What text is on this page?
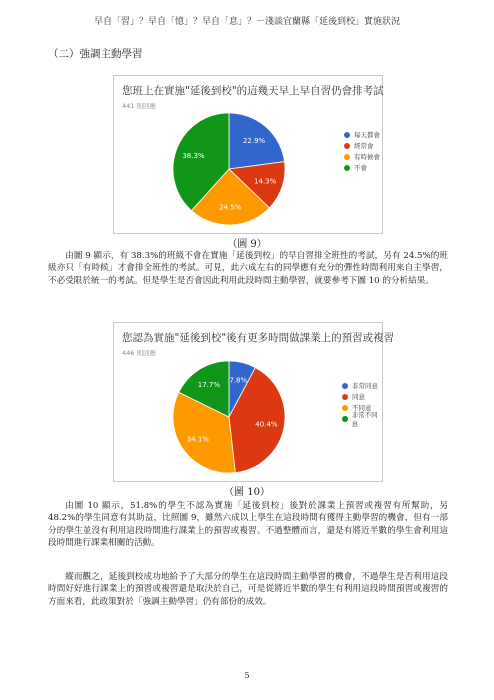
早自「習」？早自「憶」？早自「息」？－淺談宜蘭縣「延後到校」實施狀況
（二）強調主動學習
您班上在實施"延後到校"的這幾天早上早自習仍會排考試
441 則回應
22.9%
14.3%
24.5%
38.3%
每天都會
經常會
有時候會
不會
（圖 9）
由圖 9 顯示，有 38.3%的班級不會在實施「延後到校」的早自習排全班性的考試，另有 24.5%的班級亦只「有時候」才會排全班性的考試。可見，此六成左右的同學應有充分的彈性時間利用來自主學習，不必受限於統一的考試。但是學生是否會因此利用此段時間主動學習，就要參考下圖 10 的分析結果。
您認為實施"延後到校"後有更多時間做課業上的預習或複習
446 則回應
7.8%
40.4%
34.1%
17.7%	非常同意
同意
不同意
非常不同意
（圖 10）
由圖 10 顯示，51.8%的學生不認為實施「延後到校」後對於課業上預習或複習有所幫助，另 48.2%的學生同意有其助益，比照圖 9，雖然六成以上學生在這段時間有獲得主動學習的機會，但有一部分的學生並沒有利用這段時間進行課業上的預習或複習。不過整體而言，還是有將近半數的學生會利用這段時間進行課業相關的活動。
縱而觀之，延後到校成功地給予了大部分的學生在這段時間主動學習的機會，不過學生是否利用這段時間好好進行課業上的預習或複習還是取決於自己，可是從將近半數的學生有利用這段時間預習或複習的方面來看，此政策對於「強調主動學習」仍有部份的成效。
5
